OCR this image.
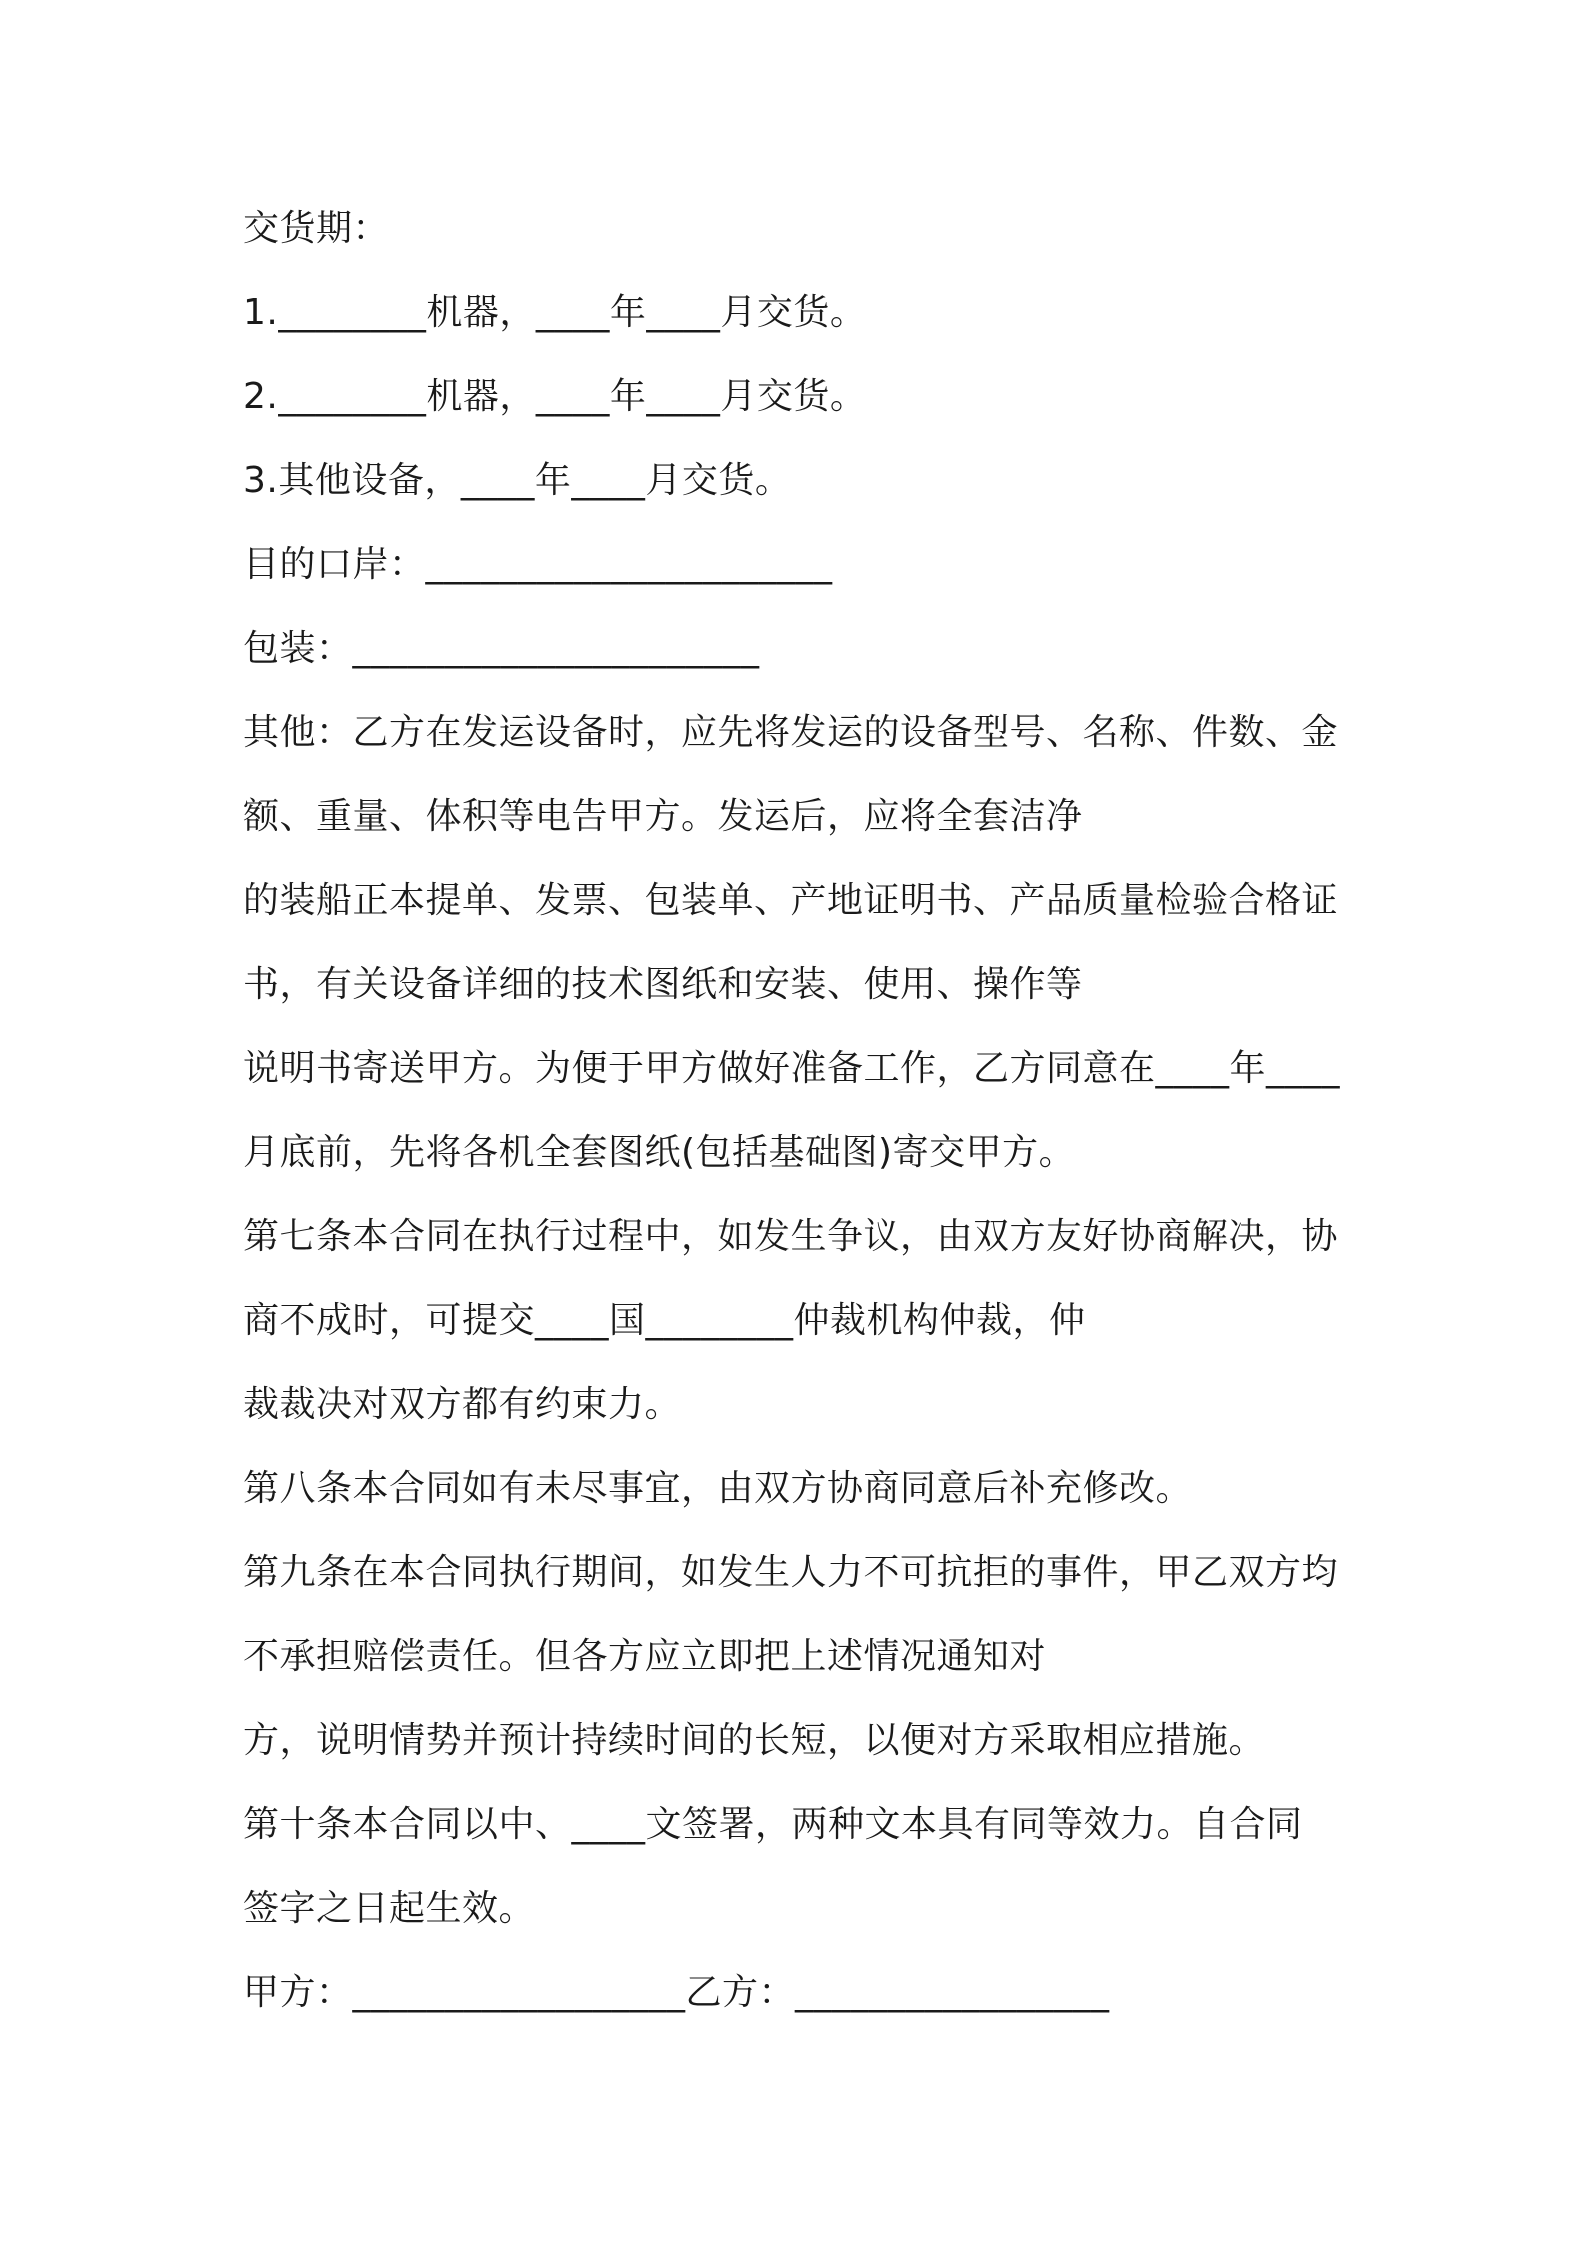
交货期：
1.________机器，____年____月交货。
2.________机器，____年____月交货。
3.其他设备，____年____月交货。
目的口岸：______________________
包装：______________________
其他：乙方在发运设备时，应先将发运的设备型号、名称、件数、金
额、重量、体积等电告甲方。发运后，应将全套洁净
的装船正本提单、发票、包装单、产地证明书、产品质量检验合格证
书，有关设备详细的技术图纸和安装、使用、操作等
说明书寄送甲方。为便于甲方做好准备工作，乙方同意在____年____
月底前，先将各机全套图纸(包括基础图)寄交甲方。
第七条本合同在执行过程中，如发生争议，由双方友好协商解决，协
商不成时，可提交____国________仲裁机构仲裁，仲
裁裁决对双方都有约束力。
第八条本合同如有未尽事宜，由双方协商同意后补充修改。
第九条在本合同执行期间，如发生人力不可抗拒的事件，甲乙双方均
不承担赔偿责任。但各方应立即把上述情况通知对
方，说明情势并预计持续时间的长短，以便对方采取相应措施。
第十条本合同以中、____文签署，两种文本具有同等效力。自合同
签字之日起生效。
甲方：__________________乙方：_________________
